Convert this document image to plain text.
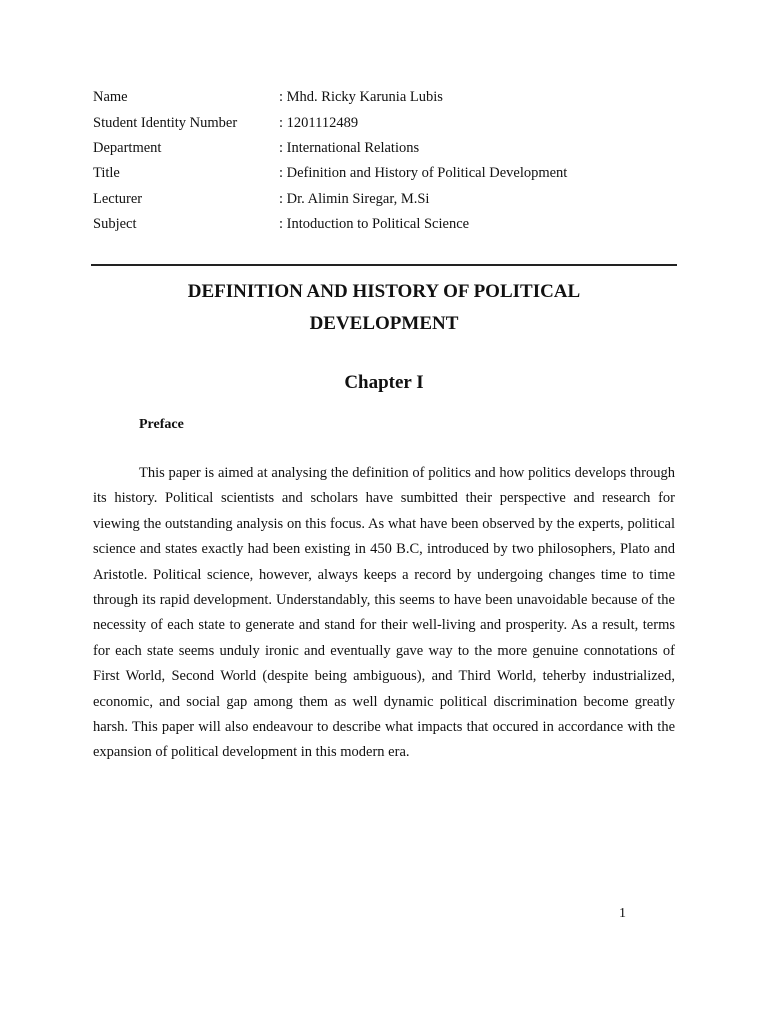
Name	: Mhd. Ricky Karunia Lubis
Student Identity Number	: 1201112489
Department	: International Relations
Title	: Definition and History of Political Development
Lecturer	: Dr. Alimin Siregar, M.Si
Subject	: Intoduction to Political Science
DEFINITION AND HISTORY OF POLITICAL
DEVELOPMENT
Chapter I
Preface

This paper is aimed at analysing the definition of politics and how politics develops through its history. Political scientists and scholars have sumbitted their perspective and research for viewing the outstanding analysis on this focus. As what have been observed by the experts, political science and states exactly had been existing in 450 B.C, introduced by two philosophers, Plato and Aristotle. Political science, however, always keeps a record by undergoing changes time to time through its rapid development. Understandably, this seems to have been unavoidable because of the necessity of each state to generate and stand for their well-living and prosperity. As a result, terms for each state seems unduly ironic and eventually gave way to the more genuine connotations of First World, Second World (despite being ambiguous), and Third World, teherby industrialized, economic, and social gap among them as well dynamic political discrimination become greatly harsh. This paper will also endeavour to describe what impacts that occured in accordance with the expansion of political development in this modern era.

1
